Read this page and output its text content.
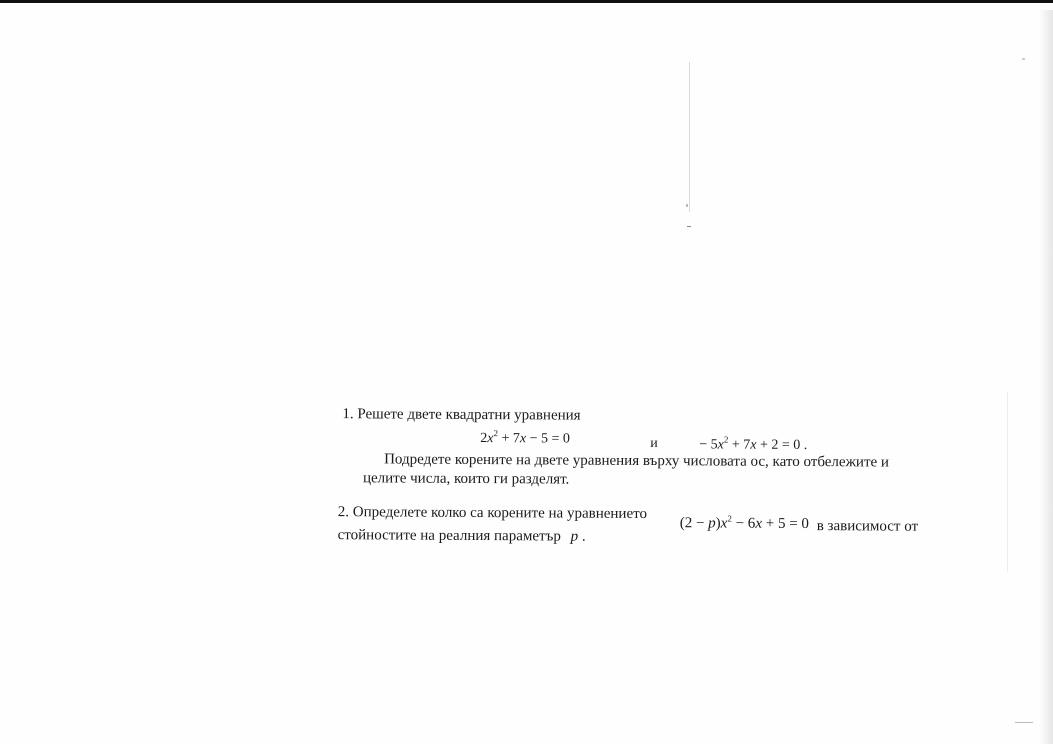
1. Решете двете квадратни уравнения
$2x^2 + 7x - 5 = 0$	и	− $5x^2 + 7x + 2 = 0$ .
Подредете корените на двете уравнения върху числовата ос, като отбележите и
целите числа, които ги разделят.
2. Определете колко са корените на уравнението
$(2 - p)x^2 - 6x + 5 = 0$ в зависимост от
стойностите на реалния параметър p .
